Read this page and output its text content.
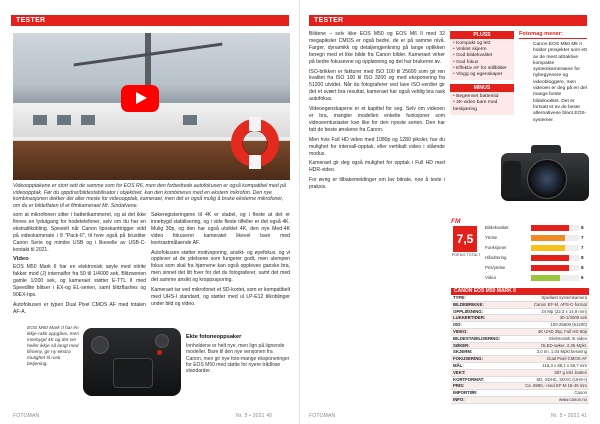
TESTER
Videoopptakene er stort sett de samme som for EOS R6, men den forbedrede autofokusen er også kompatibel med på videoopptak. Før du oppdrar/bildestabilisator i objektivet, kan den kombineres med en ekstern mikrofon. Den nye kombinasjonen dekker det aller meste for videoopptak, kameraet, men det er også mulig å bruke eksterne mikrofoner, om du er bildeflaten til et filmkameraet Mr. Sindalvene.

som at mikrofonen sitter i batterikammeret, og at det ikke finnes en lydutgang for hodetelefoner, selv om du har en ekstratilkobling. Spesielt når Canon liposkanttrigger vidd på videokamerate i 8 "Pack-II", til hver også på brustiter Canon Serie og mindre USB og i likevelle av USB-C-kontakt til 2021.

Video

EOS M50 Mark II har en elektronisk søyle med nitrite fakker mod (J) internalfor fra 50 til 1/4000 sek, Blitzwonen gamle 1/200 sek, og kameraet støtter E-TTL II med Speedlite blitser i EX-og EL-serien, samt blitzflashes og 90EX-tips.

Autofokusen er typen Dual Pixel CMOS AF med totalen AF-A.

Søkeregisteringene til 4K er stabel, og i fleste at det er innebygd stabilisering, og i vide fleste tilfeller er det også 4K. Mulig 30p, og den har også utviklet 4K, den nye Med-4K video fokuserer kameratet likevel bare med kontrastmålaende AF.

Autofokusen støtter motivsporing, ansikt- og øyefokus, og vi opplever at de ydelsene som fungerer godt, men ulempen fokus som skal fra hjørnene kan også oppleves ganske bra, men sinnet det litt hver for det du fotograferer, samt det med det samme ansikt og kroppssporing.

Kameraet tar ved mikrofonet et SD-kortet, som er kompatibelt med UHS-I standard, og støtter med ul LP-E12 tilkoblinger under bild og video.

EOS M50 Mark II har én ikkje-rakk oppgåve, men innebygd 4K og det ser heller ikkje så langt med filmeny, gir ny ekstra mulighet til rask betjening.
Ekte fotoneoppsaker
Innholdene er helt nye, men lign på lignende modeller. Bare til den nye versjonen fra Canon, men gir nye foto-mange eksponeringer for EOS M50 med støtte for nyere trådlose standarder.
FOTOMAN	Nr. 5 • 2021 40
TESTER

Bildene – selv ikke EOS M50 og EOS M6 II med 32 megapiksler CMOS er også bedre, de er på samme nivå. Farger, dynamikk og detaljengjenkning på lange optikken beregn med et like bilde fra Canon bilder. Kameraet virker på bedre fokusevne og oppløsning og det har brukerne av.

ISO-brikken er fakturer med ISO 100 til 25600 som gir ren kvalitet fra ISO 100 til ISO 3200 og med eksponering fra 51200 utvidet. Når du fotograferer ved lave ISO-verdier gir det et svært bra resultat, kameraet har også veldig bra rask autofokus.

Videoegenskapene er et kapittel for seg. Selv om videoen er bra, mangler modellen enkelte funksjoner som videoeentusiaster kan like for den nyeste serien. Den har tatt de beste ønskene fra Canon.

Men hvis Full HD video med 1080p og 1280 piksler, har du mulighet for intervall-opptak, eller vertikalt video i stående modus.

Kameraet gir deg også mulighet for opptak i Full HD med HDR-video.

For øvrig er tilbakemeldinger om lav bitrate, noe å teste i praksis.

PLUSS
• Kompakt og lett
• Vinklet skjerm
• God bildekvalitet
• God fokus
• Effektiv AF for stillbilder
• Vlogg og egenskaper
MINUS
• Begrenset batteritid
• 4K-video bare med beskjæring
Fotomag mener:
Canon EOS M50 Mk II holder prosjekter som ett av de mest attraktive kompakte systemkameraene for nybegynnere og videobloggere, men videoen er deg på en del mange beste bildekvalitet. Det er fortsatt et av de beste alternativene blant EOS-systemer.
FM
7,5
POENG TOTALT
Bildekvalitet	8
Ytelse	7
Funksjoner	7
Håndtering	8
Pris/ytelse	8
Video	6
CANON EOS M50 MARK II
TYPE:	Speilløst systemkamera
BILDEBRIKKE:	Canon EF-M, APS-C-format
OPPLØSNING:	24 Mp (22,3 x 14,9 mm)
LUKKERTIDER:	30-1/4000 sek
ISO:	100-25600 (51200)
VIDEO:	4K UHD 25p, Full HD 60p
BILDESTABILISERING:	Elektronisk IS video
SØKER:	OLED-søker, 2,36 Mpkt.
SKJERM:	3,0 tm, 1,04 Mpkt berøring
FOKUSERING:	Dual Pixel CMOS AF
MÅL:	116,3 x 88,1 x 58,7 mm
VEKT:	387 g inkl. batteri
KORTFORMAT:	SD, SDHC, SDXC (UHS-I)
PRIS:	Ca. 6990,- med EF-M 15-45 mm
IMPORTØR:	Canon
INFO:	www.canon.no
FOTOMAN	Nr. 5 • 2021 41
